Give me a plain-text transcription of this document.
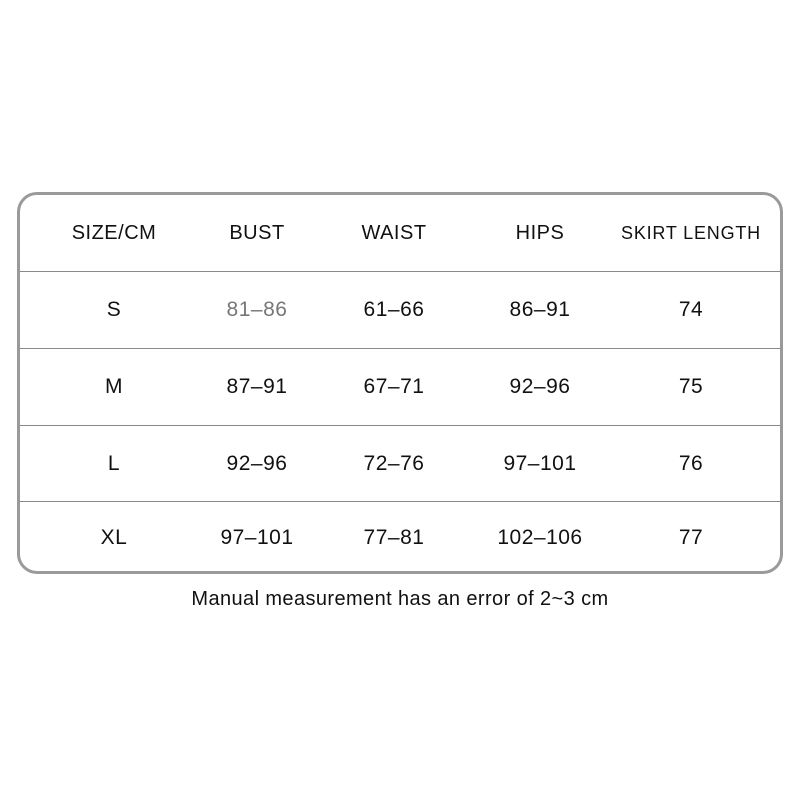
SIZE/CM	BUST	WAIST	HIPS	SKIRT LENGTH
S	81–86	61–66	86–91	74
M	87–91	67–71	92–96	75
L	92–96	72–76	97–101	76
XL	97–101	77–81	102–106	77
Manual measurement has an error of 2~3 cm
